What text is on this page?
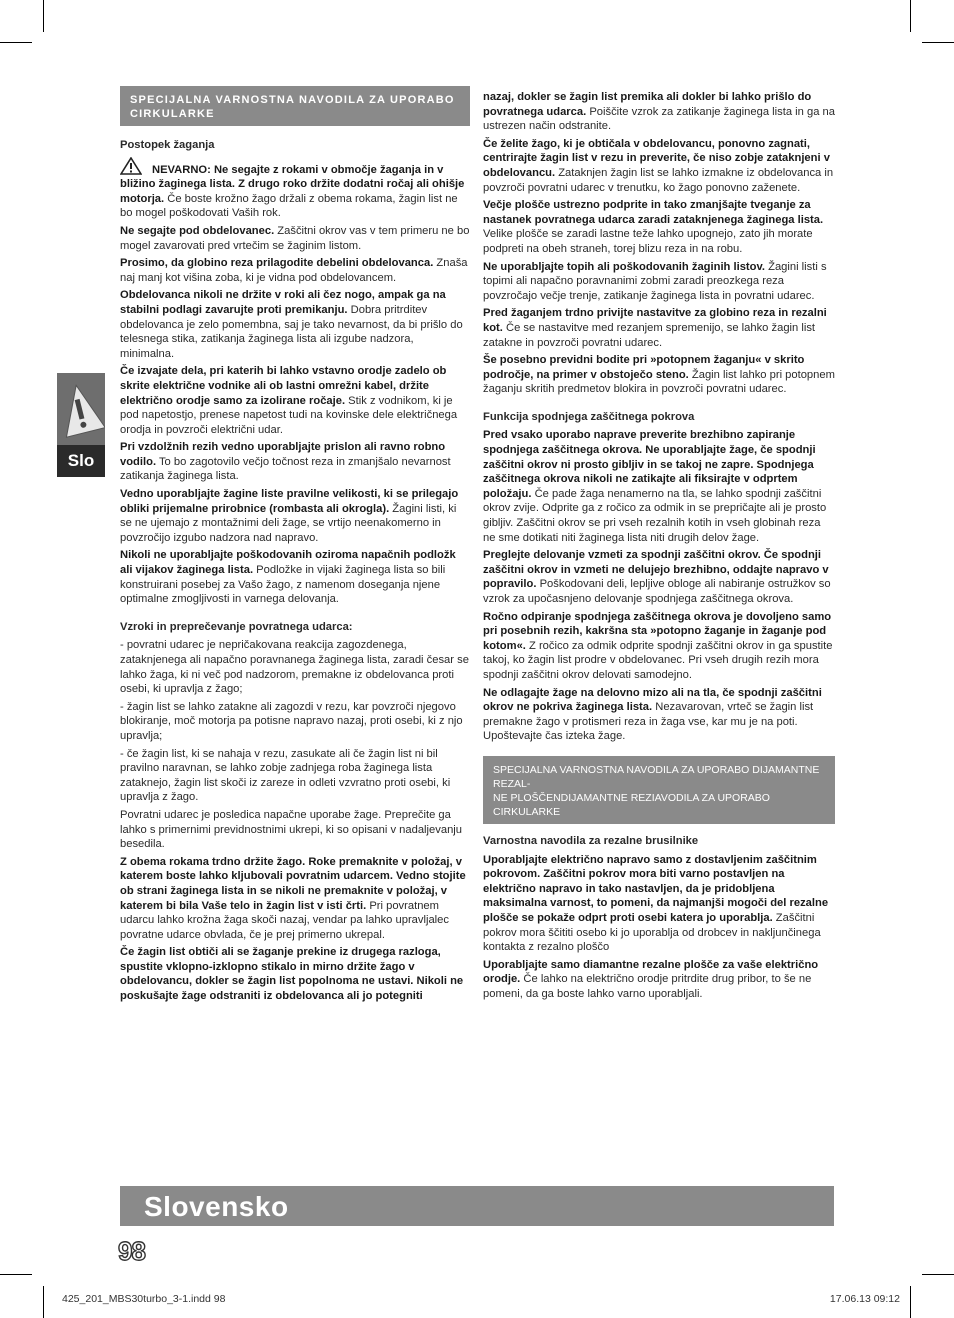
Slo
SPECIJALNA VARNOSTNA NAVODILA ZA UPORABO CIRKULARKE

Postopek žaganja

NEVARNO: Ne segajte z rokami v območje žaganja in v bližino žaginega lista. Z drugo roko držite dodatni ročaj ali ohišje motorja. Če boste krožno žago držali z obema rokama, žagin list ne bo mogel poškodovati Vaših rok.

Ne segajte pod obdelovanec. Zaščitni okrov vas v tem primeru ne bo mogel zavarovati pred vrtečim se žaginim listom.

Prosimo, da globino reza prilagodite debelini obdelovanca. Znaša naj manj kot višina zoba, ki je vidna pod obdelovancem.

Obdelovanca nikoli ne držite v roki ali čez nogo, ampak ga na stabilni podlagi zavarujte proti premikanju. Dobra pritrditev obdelovanca je zelo pomembna, saj je tako nevarnost, da bi prišlo do telesnega stika, zatikanja žaginega lista ali izgube nadzora, minimalna.

Če izvajate dela, pri katerih bi lahko vstavno orodje zadelo ob skrite električne vodnike ali ob lastni omrežni kabel, držite električno orodje samo za izolirane ročaje. Stik z vodnikom, ki je pod napetostjo, prenese napetost tudi na kovinske dele električnega orodja in povzroči električni udar.

Pri vzdolžnih rezih vedno uporabljajte prislon ali ravno robno vodilo. To bo zagotovilo večjo točnost reza in zmanjšalo nevarnost zatikanja žaginega lista.

Vedno uporabljajte žagine liste pravilne velikosti, ki se prilegajo obliki prijemalne prirobnice (rombasta ali okrogla). Žagini listi, ki se ne ujemajo z montažnimi deli žage, se vrtijo neenakomerno in povzročijo izgubo nadzora nad napravo.

Nikoli ne uporabljajte poškodovanih oziroma napačnih podložk ali vijakov žaginega lista. Podložke in vijaki žaginega lista so bili konstruirani posebej za Vašo žago, z namenom doseganja njene optimalne zmogljivosti in varnega delovanja.

Vzroki in preprečevanje povratnega udarca:

- povratni udarec je nepričakovana reakcija zagozdenega, zataknjenega ali napačno poravnanega žaginega lista, zaradi česar se lahko žaga, ki ni več pod nadzorom, premakne iz obdelovanca proti osebi, ki upravlja z žago;

- žagin list se lahko zatakne ali zagozdi v rezu, kar povzroči njegovo blokiranje, moč motorja pa potisne napravo nazaj, proti osebi, ki z njo upravlja;

- če žagin list, ki se nahaja v rezu, zasukate ali če žagin list ni bil pravilno naravnan, se lahko zobje zadnjega roba žaginega lista zataknejo, žagin list skoči iz zareze in odleti vzvratno proti osebi, ki upravlja z žago.

Povratni udarec je posledica napačne uporabe žage. Preprečite ga lahko s primernimi previdnostnimi ukrepi, ki so opisani v nadaljevanju besedila.

Z obema rokama trdno držite žago. Roke premaknite v položaj, v katerem boste lahko kljubovali povratnim udarcem. Vedno stojite ob strani žaginega lista in se nikoli ne premaknite v položaj, v katerem bi bila Vaše telo in žagin list v isti črti. Pri povratnem udarcu lahko krožna žaga skoči nazaj, vendar pa lahko upravljalec povratne udarce obvlada, če je prej primerno ukrepal.

Če žagin list obtiči ali se žaganje prekine iz drugega razloga, spustite vklopno-izklopno stikalo in mirno držite žago v obdelovancu, dokler se žagin list popolnoma ne ustavi. Nikoli ne poskušajte žage odstraniti iz obdelovanca ali jo potegniti

nazaj, dokler se žagin list premika ali dokler bi lahko prišlo do povratnega udarca. Poiščite vzrok za zatikanje žaginega lista in ga na ustrezen način odstranite.

Če želite žago, ki je obtičala v obdelovancu, ponovno zagnati, centrirajte žagin list v rezu in preverite, če niso zobje zataknjeni v obdelovancu. Zataknjen žagin list se lahko izmakne iz obdelovanca in povzroči povratni udarec v trenutku, ko žago ponovno zaženete.

Večje plošče ustrezno podprite in tako zmanjšajte tveganje za nastanek povratnega udarca zaradi zataknjenega žaginega lista. Velike plošče se zaradi lastne teže lahko upognejo, zato jih morate podpreti na obeh straneh, torej blizu reza in na robu.

Ne uporabljajte topih ali poškodovanih žaginih listov. Žagini listi s topimi ali napačno poravnanimi zobmi zaradi preozkega reza povzročajo večje trenje, zatikanje žaginega lista in povratni udarec.

Pred žaganjem trdno privijte nastavitve za globino reza in rezalni kot. Če se nastavitve med rezanjem spremenijo, se lahko žagin list zatakne in povzroči povratni udarec.

Še posebno previdni bodite pri »potopnem žaganju« v skrito področje, na primer v obstoječo steno. Žagin list lahko pri potopnem žaganju skritih predmetov blokira in povzroči povratni udarec.

Funkcija spodnjega zaščitnega pokrova

Pred vsako uporabo naprave preverite brezhibno zapiranje spodnjega zaščitnega okrova. Ne uporabljajte žage, če spodnji zaščitni okrov ni prosto gibljiv in se takoj ne zapre. Spodnjega zaščitnega okrova nikoli ne zatikajte ali fiksirajte v odprtem položaju. Če pade žaga nenamerno na tla, se lahko spodnji zaščitni okrov zvije. Odprite ga z ročico za odmik in se prepričajte ali je prosto gibljiv. Zaščitni okrov se pri vseh rezalnih kotih in vseh globinah reza ne sme dotikati niti žaginega lista niti drugih delov žage.

Preglejte delovanje vzmeti za spodnji zaščitni okrov. Če spodnji zaščitni okrov in vzmeti ne delujejo brezhibno, oddajte napravo v popravilo. Poškodovani deli, lepljive obloge ali nabiranje ostružkov so vzrok za upočasnjeno delovanje spodnjega zaščitnega okrova.

Ročno odpiranje spodnjega zaščitnega okrova je dovoljeno samo pri posebnih rezih, kakršna sta »potopno žaganje in žaganje pod kotom«. Z ročico za odmik odprite spodnji zaščitni okrov in ga spustite takoj, ko žagin list prodre v obdelovanec. Pri vseh drugih rezih mora spodnji zaščitni okrov delovati samodejno.

Ne odlagajte žage na delovno mizo ali na tla, če spodnji zaščitni okrov ne pokriva žaginega lista. Nezavarovan, vrteč se žagin list premakne žago v protismeri reza in žaga vse, kar mu je na poti. Upoštevajte čas izteka žage.

SPECIJALNA VARNOSTNA NAVODILA ZA UPORABO DIJAMANTNE REZAL-
NE PLOŠČENDIJAMANTNE REZIAVODILA ZA UPORABO CIRKULARKE

Varnostna navodila za rezalne brusilnike

Uporabljajte električno napravo samo z dostavljenim zaščitnim pokrovom. Zaščitni pokrov mora biti varno postavljen na električno napravo in tako nastavljen, da je pridobljena maksimalna varnost, to pomeni, da najmanjši mogoči del rezalne plošče se pokaže odprt proti osebi katera jo uporablja. Zaščitni pokrov mora ščititi osebo ki jo uporablja od drobcev in nakljunčinega kontakta z rezalno ploščo

Uporabljajte samo diamantne rezalne plošče za vaše električno orodje. Če lahko na električno orodje pritrdite drug pribor, to še ne pomeni, da ga boste lahko varno uporabljali.

Slovensko
98
425_201_MBS30turbo_3-1.indd 98	17.06.13 09:12
